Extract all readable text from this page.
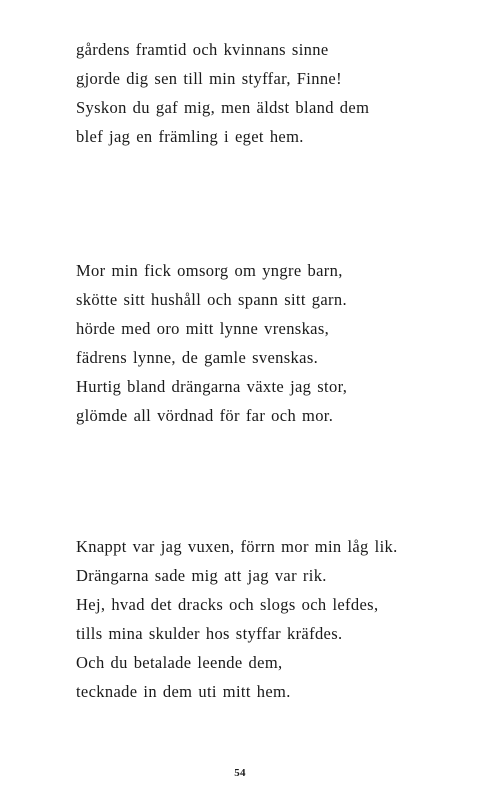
gårdens framtid och kvinnans sinne
gjorde dig sen till min styffar, Finne!
Syskon du gaf mig, men äldst bland dem
blef jag en främling i eget hem.
Mor min fick omsorg om yngre barn,
skötte sitt hushåll och spann sitt garn.
hörde med oro mitt lynne vrenskas,
fädrens lynne, de gamle svenskas.
Hurtig bland drängarna växte jag stor,
glömde all vördnad för far och mor.
Knappt var jag vuxen, förrn mor min låg lik.
Drängarna sade mig att jag var rik.
Hej, hvad det dracks och slogs och lefdes,
tills mina skulder hos styffar kräfdes.
Och du betalade leende dem,
tecknade in dem uti mitt hem.
54
